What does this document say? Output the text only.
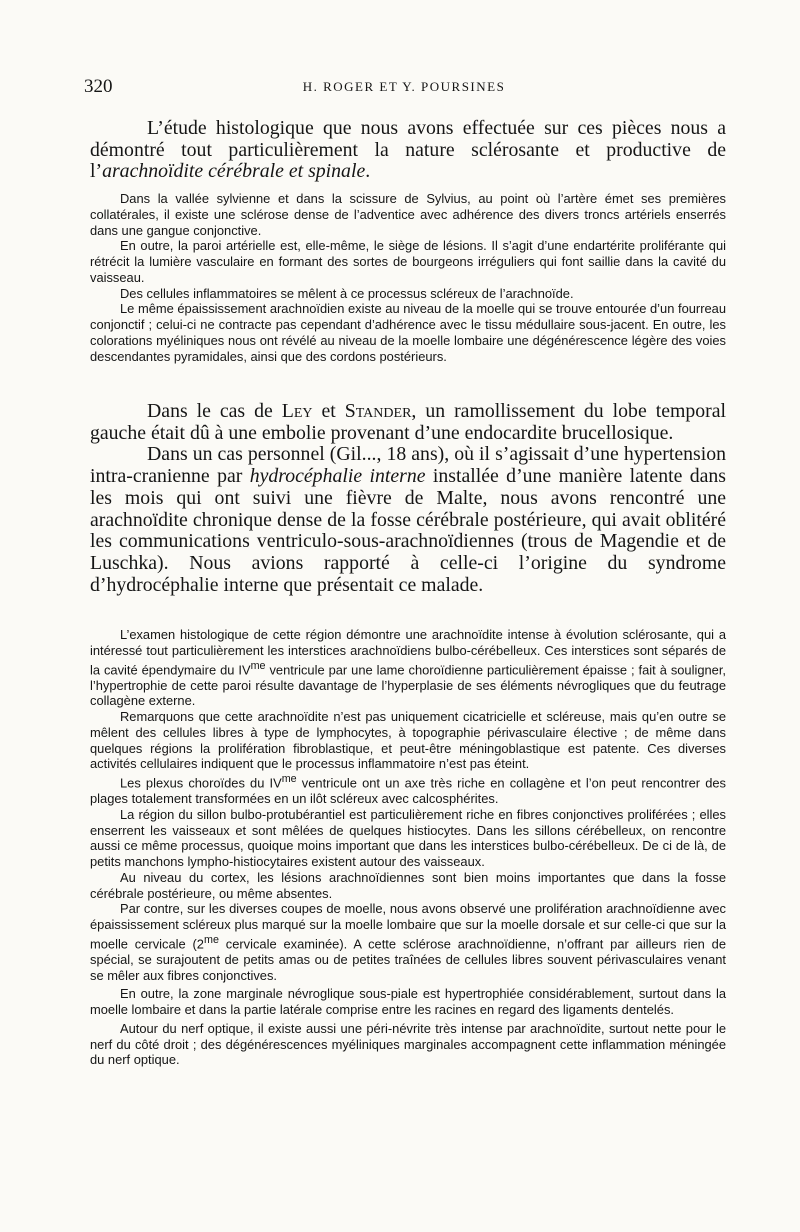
320	H. ROGER ET Y. POURSINES

L’étude histologique que nous avons effectuée sur ces pièces nous a démontré tout particulièrement la nature sclérosante et productive de l’arachnoïdite cérébrale et spinale.

Dans la vallée sylvienne et dans la scissure de Sylvius, au point où l’artère émet ses premières collatérales, il existe une sclérose dense de l’adventice avec adhérence des divers troncs artériels enserrés dans une gangue conjonctive.

En outre, la paroi artérielle est, elle-même, le siège de lésions. Il s’agit d’une endartérite proliférante qui rétrécit la lumière vasculaire en formant des sortes de bourgeons irréguliers qui font saillie dans la cavité du vaisseau.

Des cellules inflammatoires se mêlent à ce processus scléreux de l’arachnoïde.

Le même épaississement arachnoïdien existe au niveau de la moelle qui se trouve entourée d’un fourreau conjonctif ; celui-ci ne contracte pas cependant d’adhérence avec le tissu médullaire sous-jacent. En outre, les colorations myéliniques nous ont révélé au niveau de la moelle lombaire une dégénérescence légère des voies descendantes pyramidales, ainsi que des cordons postérieurs.

Dans le cas de Ley et Stander, un ramollissement du lobe temporal gauche était dû à une embolie provenant d’une endocardite brucellosique.

Dans un cas personnel (Gil..., 18 ans), où il s’agissait d’une hypertension intra-cranienne par hydrocéphalie interne installée d’une manière latente dans les mois qui ont suivi une fièvre de Malte, nous avons rencontré une arachnoïdite chronique dense de la fosse cérébrale postérieure, qui avait oblitéré les communications ventriculo-sous-arachnoïdiennes (trous de Magendie et de Luschka). Nous avions rapporté à celle-ci l’origine du syndrome d’hydrocéphalie interne que présentait ce malade.

L’examen histologique de cette région démontre une arachnoïdite intense à évolution sclérosante, qui a intéressé tout particulièrement les interstices arachnoïdiens bulbo-cérébelleux. Ces interstices sont séparés de la cavité épendymaire du $IV^{me}$ ventricule par une lame choroïdienne particulièrement épaisse ; fait à souligner, l’hypertrophie de cette paroi résulte davantage de l’hyperplasie de ses éléments névrogliques que du feutrage collagène externe.

Remarquons que cette arachnoïdite n’est pas uniquement cicatricielle et scléreuse, mais qu’en outre se mêlent des cellules libres à type de lymphocytes, à topographie périvasculaire élective ; de même dans quelques régions la prolifération fibroblastique, et peut-être méningoblastique est patente. Ces diverses activités cellulaires indiquent que le processus inflammatoire n’est pas éteint.

Les plexus choroïdes du $IV^{me}$ ventricule ont un axe très riche en collagène et l’on peut rencontrer des plages totalement transformées en un ilôt scléreux avec calcosphérites.

La région du sillon bulbo-protubérantiel est particulièrement riche en fibres conjonctives proliférées ; elles enserrent les vaisseaux et sont mêlées de quelques histiocytes. Dans les sillons cérébelleux, on rencontre aussi ce même processus, quoique moins important que dans les interstices bulbo-cérébelleux. De ci de là, de petits manchons lympho-histiocytaires existent autour des vaisseaux.

Au niveau du cortex, les lésions arachnoïdiennes sont bien moins importantes que dans la fosse cérébrale postérieure, ou même absentes.

Par contre, sur les diverses coupes de moelle, nous avons observé une prolifération arachnoïdienne avec épaississement scléreux plus marqué sur la moelle lombaire que sur la moelle dorsale et sur celle-ci que sur la moelle cervicale ($2^{me}$ cervicale examinée). A cette sclérose arachnoïdienne, n’offrant par ailleurs rien de spécial, se surajoutent de petits amas ou de petites traînées de cellules libres souvent périvasculaires venant se mêler aux fibres conjonctives.

En outre, la zone marginale névroglique sous-piale est hypertrophiée considérablement, surtout dans la moelle lombaire et dans la partie latérale comprise entre les racines en regard des ligaments dentelés.

Autour du nerf optique, il existe aussi une péri-névrite très intense par arachnoïdite, surtout nette pour le nerf du côté droit ; des dégénérescences myéliniques marginales accompagnent cette inflammation méningée du nerf optique.
